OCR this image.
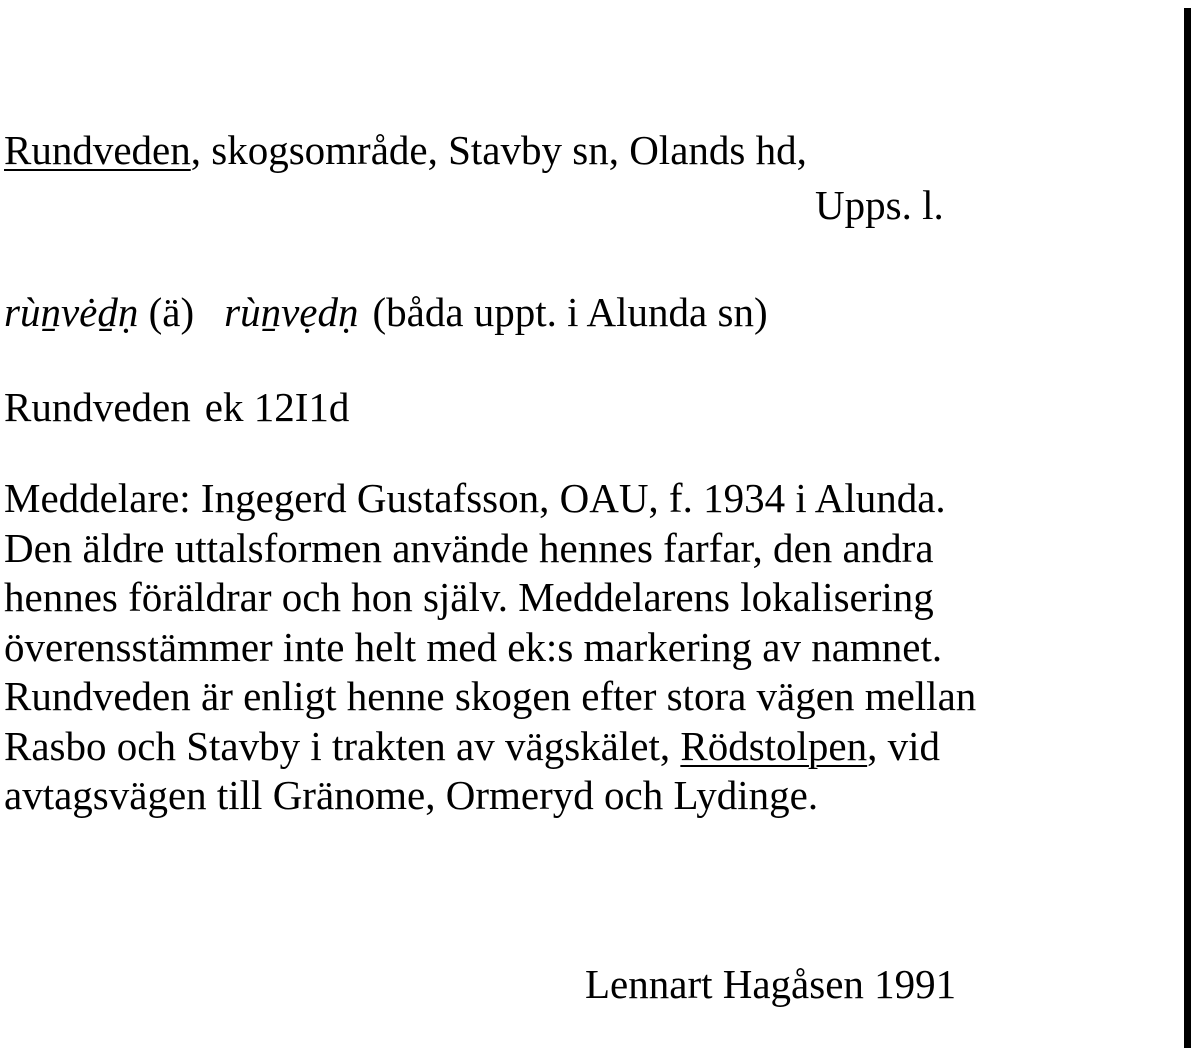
Rundveden, skogsområde, Stavby sn, Olands hd,
Upps. l.
rùṉvėḏṇ (ä) rùṉvẹdṇ (båda uppt. i Alunda sn)
Rundveden ek 12I1d
Meddelare: Ingegerd Gustafsson, OAU, f. 1934 i Alunda.
Den äldre uttalsformen använde hennes farfar, den andra
hennes föräldrar och hon själv. Meddelarens lokalisering
överensstämmer inte helt med ek:s markering av namnet.
Rundveden är enligt henne skogen efter stora vägen mellan
Rasbo och Stavby i trakten av vägskälet, Rödstolpen, vid
avtagsvägen till Gränome, Ormeryd och Lydinge.
Lennart Hagåsen 1991
